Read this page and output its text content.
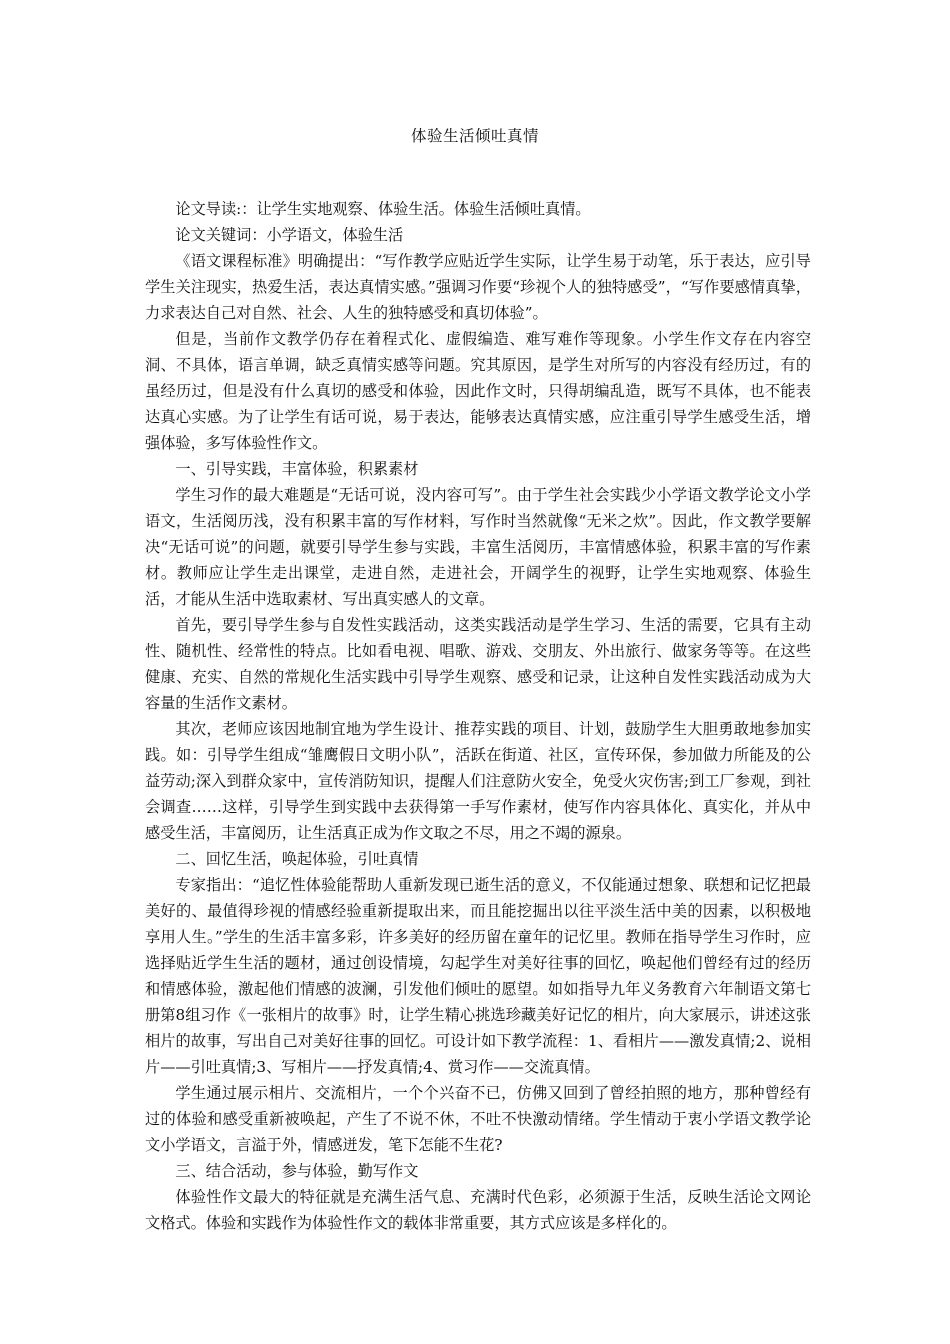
体验生活倾吐真情

论文导读:：让学生实地观察、体验生活。体验生活倾吐真情。

论文关键词：小学语文，体验生活

《语文课程标准》明确提出：“写作教学应贴近学生实际，让学生易于动笔，乐于表达，应引导学生关注现实，热爱生活，表达真情实感。”强调习作要“珍视个人的独特感受”，“写作要感情真挚，力求表达自己对自然、社会、人生的独特感受和真切体验”。

但是，当前作文教学仍存在着程式化、虚假编造、难写难作等现象。小学生作文存在内容空洞、不具体，语言单调，缺乏真情实感等问题。究其原因，是学生对所写的内容没有经历过，有的虽经历过，但是没有什么真切的感受和体验，因此作文时，只得胡编乱造，既写不具体，也不能表达真心实感。为了让学生有话可说，易于表达，能够表达真情实感，应注重引导学生感受生活，增强体验，多写体验性作文。

一、引导实践，丰富体验，积累素材

学生习作的最大难题是“无话可说，没内容可写”。由于学生社会实践少小学语文教学论文小学语文，生活阅历浅，没有积累丰富的写作材料，写作时当然就像“无米之炊”。因此，作文教学要解决“无话可说”的问题，就要引导学生参与实践，丰富生活阅历，丰富情感体验，积累丰富的写作素材。教师应让学生走出课堂，走进自然，走进社会，开阔学生的视野，让学生实地观察、体验生活，才能从生活中选取素材、写出真实感人的文章。

首先，要引导学生参与自发性实践活动，这类实践活动是学生学习、生活的需要，它具有主动性、随机性、经常性的特点。比如看电视、唱歌、游戏、交朋友、外出旅行、做家务等等。在这些健康、充实、自然的常规化生活实践中引导学生观察、感受和记录，让这种自发性实践活动成为大容量的生活作文素材。

其次，老师应该因地制宜地为学生设计、推荐实践的项目、计划，鼓励学生大胆勇敢地参加实践。如：引导学生组成“雏鹰假日文明小队”，活跃在街道、社区，宣传环保，参加做力所能及的公益劳动;深入到群众家中，宣传消防知识，提醒人们注意防火安全，免受火灾伤害;到工厂参观，到社会调查……这样，引导学生到实践中去获得第一手写作素材，使写作内容具体化、真实化，并从中感受生活，丰富阅历，让生活真正成为作文取之不尽，用之不竭的源泉。

二、回忆生活，唤起体验，引吐真情

专家指出：“追忆性体验能帮助人重新发现已逝生活的意义，不仅能通过想象、联想和记忆把最美好的、最值得珍视的情感经验重新提取出来，而且能挖掘出以往平淡生活中美的因素，以积极地享用人生。”学生的生活丰富多彩，许多美好的经历留在童年的记忆里。教师在指导学生习作时，应选择贴近学生生活的题材，通过创设情境，勾起学生对美好往事的回忆，唤起他们曾经有过的经历和情感体验，激起他们情感的波澜，引发他们倾吐的愿望。如如指导九年义务教育六年制语文第七册第8组习作《一张相片的故事》时，让学生精心挑选珍藏美好记忆的相片，向大家展示，讲述这张相片的故事，写出自己对美好往事的回忆。可设计如下教学流程：1、看相片——激发真情;2、说相片——引吐真情;3、写相片——抒发真情;4、赏习作——交流真情。

学生通过展示相片、交流相片，一个个兴奋不已，仿佛又回到了曾经拍照的地方，那种曾经有过的体验和感受重新被唤起，产生了不说不休，不吐不快激动情绪。学生情动于衷小学语文教学论文小学语文，言溢于外，情感迸发，笔下怎能不生花?

三、结合活动，参与体验，勤写作文

体验性作文最大的特征就是充满生活气息、充满时代色彩，必须源于生活，反映生活论文网论文格式。体验和实践作为体验性作文的载体非常重要，其方式应该是多样化的。
